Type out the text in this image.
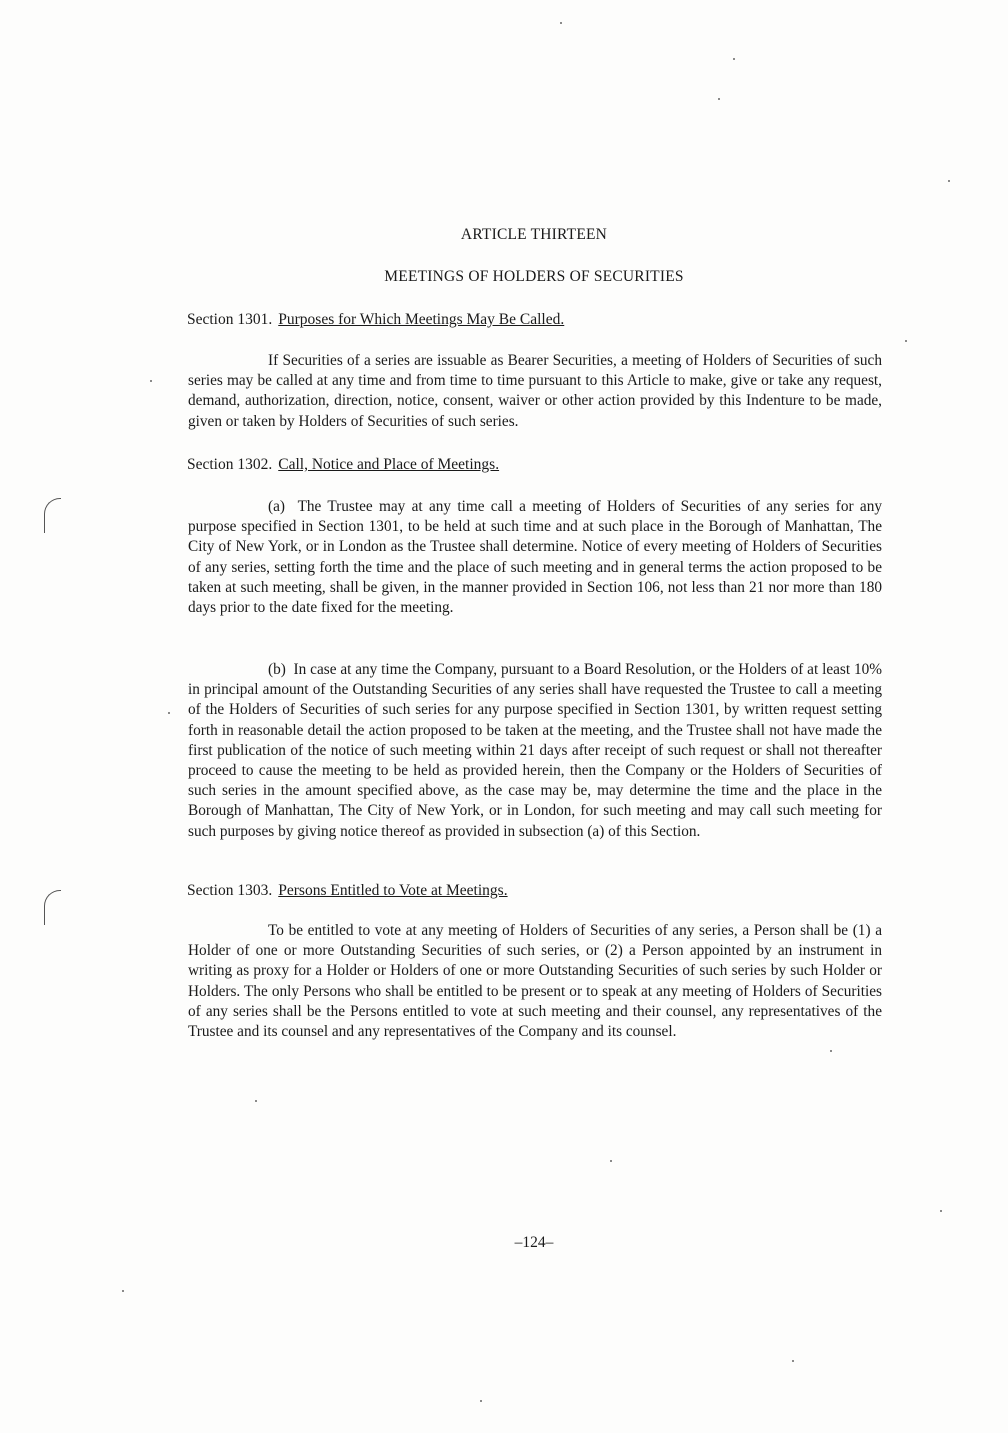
ARTICLE THIRTEEN
MEETINGS OF HOLDERS OF SECURITIES
Section 1301. Purposes for Which Meetings May Be Called.

If Securities of a series are issuable as Bearer Securities, a meeting of Holders of Securities of such series may be called at any time and from time to time pursuant to this Article to make, give or take any request, demand, authorization, direction, notice, consent, waiver or other action provided by this Indenture to be made, given or taken by Holders of Securities of such series.

Section 1302. Call, Notice and Place of Meetings.

(a)  The Trustee may at any time call a meeting of Holders of Securities of any series for any purpose specified in Section 1301, to be held at such time and at such place in the Borough of Manhattan, The City of New York, or in London as the Trustee shall determine. Notice of every meeting of Holders of Securities of any series, setting forth the time and the place of such meeting and in general terms the action proposed to be taken at such meeting, shall be given, in the manner provided in Section 106, not less than 21 nor more than 180 days prior to the date fixed for the meeting.

(b)  In case at any time the Company, pursuant to a Board Resolution, or the Holders of at least 10% in principal amount of the Outstanding Securities of any series shall have requested the Trustee to call a meeting of the Holders of Securities of such series for any purpose specified in Section 1301, by written request setting forth in reasonable detail the action proposed to be taken at the meeting, and the Trustee shall not have made the first publication of the notice of such meeting within 21 days after receipt of such request or shall not thereafter proceed to cause the meeting to be held as provided herein, then the Company or the Holders of Securities of such series in the amount specified above, as the case may be, may determine the time and the place in the Borough of Manhattan, The City of New York, or in London, for such meeting and may call such meeting for such purposes by giving notice thereof as provided in subsection (a) of this Section.

Section 1303. Persons Entitled to Vote at Meetings.

To be entitled to vote at any meeting of Holders of Securities of any series, a Person shall be (1) a Holder of one or more Outstanding Securities of such series, or (2) a Person appointed by an instrument in writing as proxy for a Holder or Holders of one or more Outstanding Securities of such series by such Holder or Holders. The only Persons who shall be entitled to be present or to speak at any meeting of Holders of Securities of any series shall be the Persons entitled to vote at such meeting and their counsel, any representatives of the Trustee and its counsel and any representatives of the Company and its counsel.

–124–
